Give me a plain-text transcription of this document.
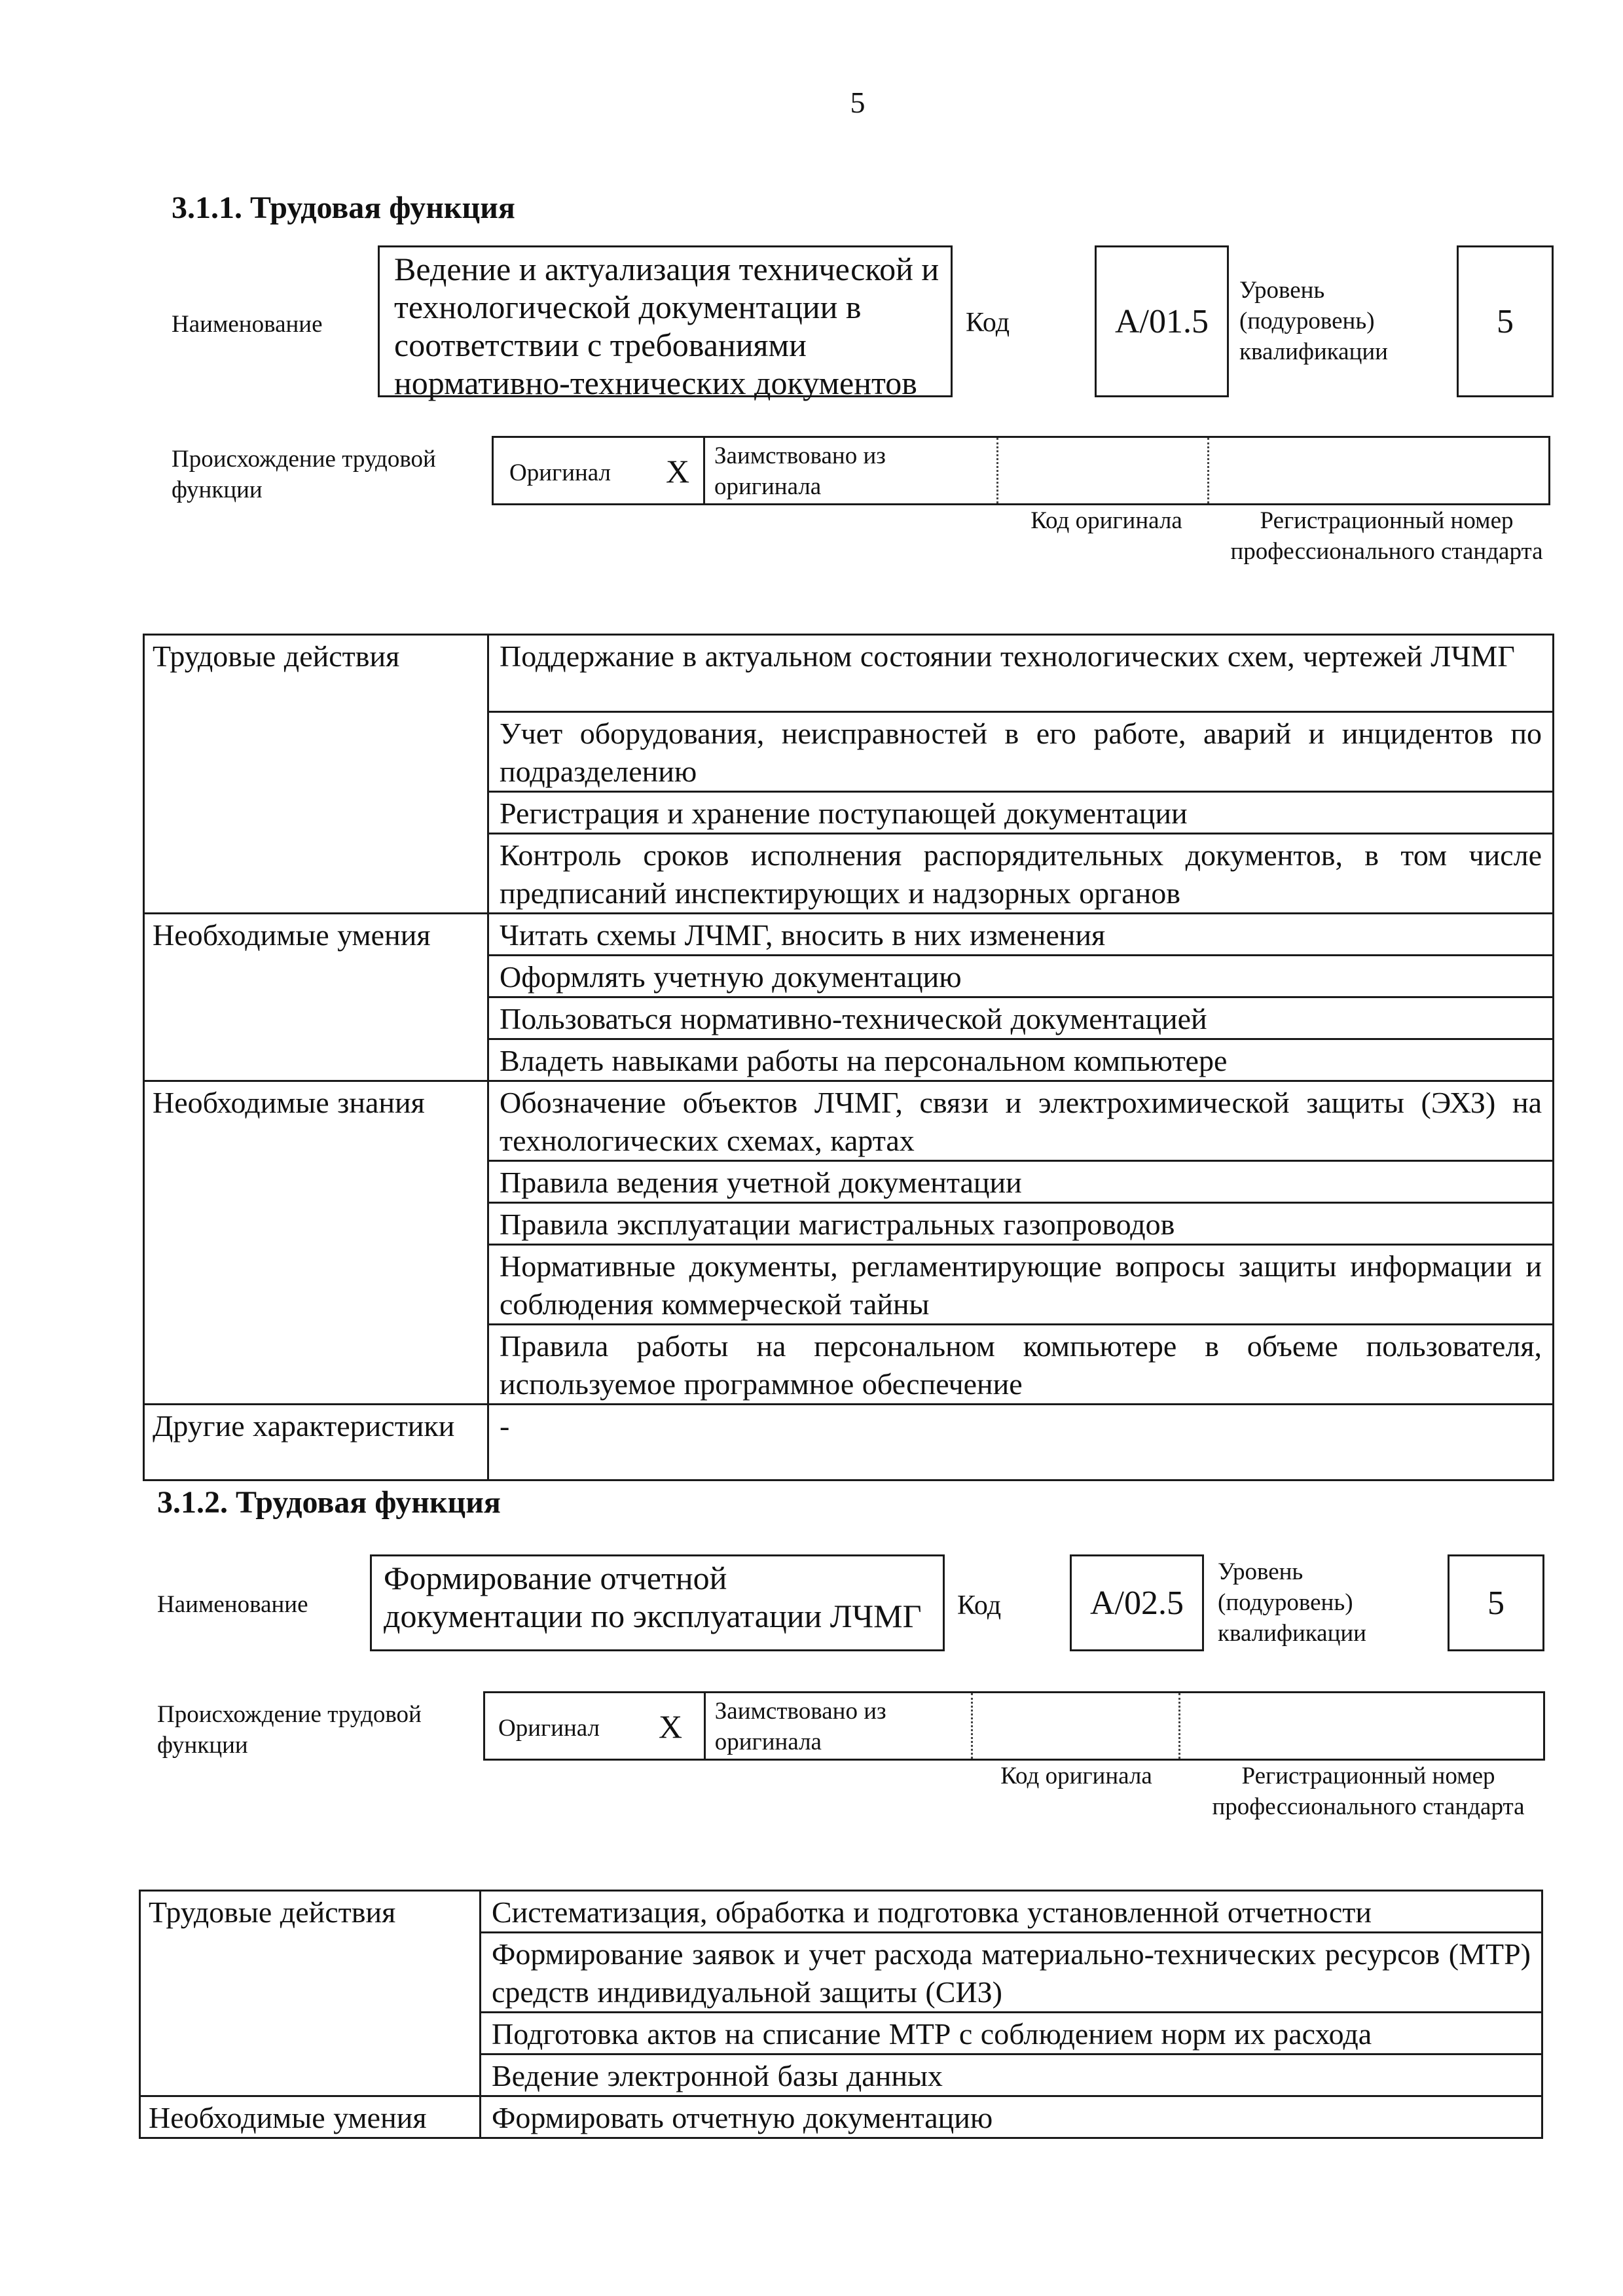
5
3.1.1. Трудовая функция
Наименование
Ведение и актуализация технической и технологической документации в соответствии с требованиями нормативно-технических документов
Код	A/01.5
Уровень (подуровень) квалификации
5
Происхождение трудовой функции
Оригинал X Заимствовано из оригинала
Код оригинала	Регистрационный номер профессионального стандарта
Трудовые действия	Поддержание в актуальном состоянии технологических схем, чертежей ЛЧМГ
	Учет оборудования, неисправностей в его работе, аварий и инцидентов по подразделению
	Регистрация и хранение поступающей документации
	Контроль сроков исполнения распорядительных документов, в том числе предписаний инспектирующих и надзорных органов
Необходимые умения	Читать схемы ЛЧМГ, вносить в них изменения
	Оформлять учетную документацию
	Пользоваться нормативно-технической документацией
	Владеть навыками работы на персональном компьютере
Необходимые знания	Обозначение объектов ЛЧМГ, связи и электрохимической защиты (ЭХЗ) на технологических схемах, картах
	Правила ведения учетной документации
	Правила эксплуатации магистральных газопроводов
	Нормативные документы, регламентирующие вопросы защиты информации и соблюдения коммерческой тайны
	Правила работы на персональном компьютере в объеме пользователя, используемое программное обеспечение
Другие характеристики	-
3.1.2. Трудовая функция
Наименование
Формирование отчетной документации по эксплуатации ЛЧМГ	Код	A/02.5
Уровень (подуровень) квалификации
5
Происхождение трудовой функции
Оригинал X Заимствовано из оригинала
Код оригинала	Регистрационный номер профессионального стандарта
Трудовые действия	Систематизация, обработка и подготовка установленной отчетности
	Формирование заявок и учет расхода материально-технических ресурсов (МТР) средств индивидуальной защиты (СИЗ)
	Подготовка актов на списание МТР с соблюдением норм их расхода
	Ведение электронной базы данных
Необходимые умения	Формировать отчетную документацию
